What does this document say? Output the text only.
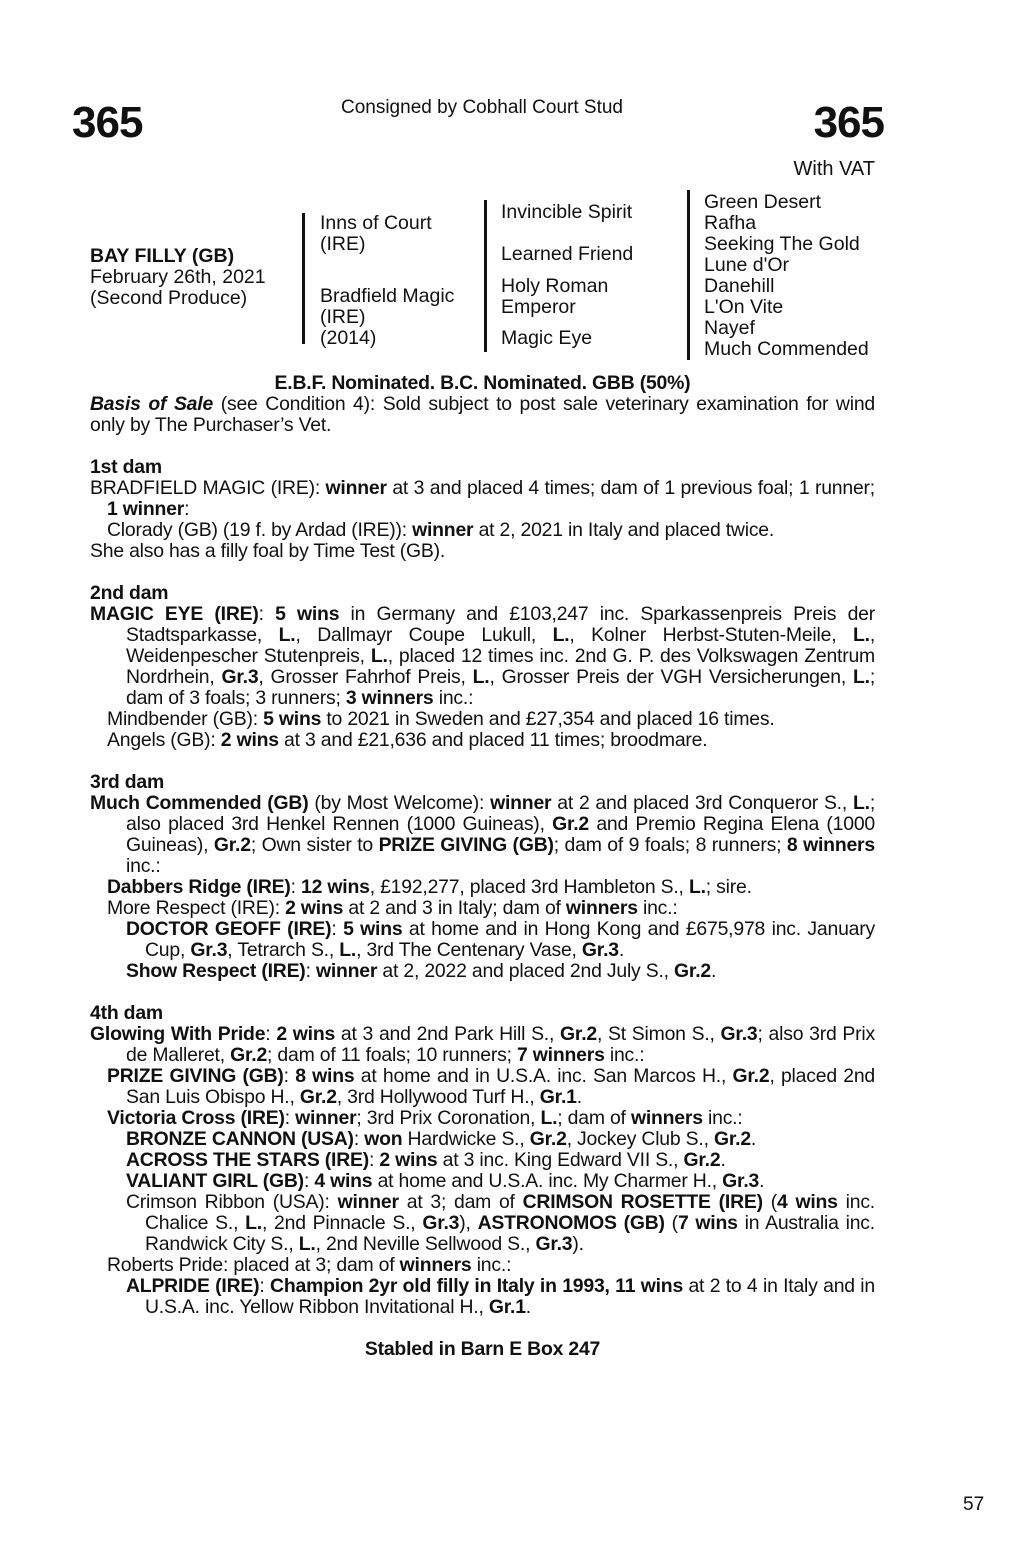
365	Consigned by Cobhall Court Stud	365
With VAT
BAY FILLY (GB)
February 26th, 2021
(Second Produce)
Inns of Court
(IRE)
Bradfield Magic
(IRE)
(2014)
Invincible Spirit
Learned Friend
Holy Roman
Emperor
Magic Eye
Green Desert
Rafha
Seeking The Gold
Lune d'Or
Danehill
L'On Vite
Nayef
Much Commended

E.B.F. Nominated. B.C. Nominated. GBB (50%)

Basis of Sale (see Condition 4): Sold subject to post sale veterinary examination for wind only by The Purchaser’s Vet.

1st dam

BRADFIELD MAGIC (IRE): winner at 3 and placed 4 times; dam of 1 previous foal; 1 runner; 1 winner:

Clorady (GB) (19 f. by Ardad (IRE)): winner at 2, 2021 in Italy and placed twice.

She also has a filly foal by Time Test (GB).

2nd dam

MAGIC EYE (IRE): 5 wins in Germany and £103,247 inc. Sparkassenpreis Preis der Stadtsparkasse, L., Dallmayr Coupe Lukull, L., Kolner Herbst-Stuten-Meile, L., Weidenpescher Stutenpreis, L., placed 12 times inc. 2nd G. P. des Volkswagen Zentrum Nordrhein, Gr.3, Grosser Fahrhof Preis, L., Grosser Preis der VGH Versicherungen, L.; dam of 3 foals; 3 runners; 3 winners inc.:

Mindbender (GB): 5 wins to 2021 in Sweden and £27,354 and placed 16 times.

Angels (GB): 2 wins at 3 and £21,636 and placed 11 times; broodmare.

3rd dam

Much Commended (GB) (by Most Welcome): winner at 2 and placed 3rd Conqueror S., L.; also placed 3rd Henkel Rennen (1000 Guineas), Gr.2 and Premio Regina Elena (1000 Guineas), Gr.2; Own sister to PRIZE GIVING (GB); dam of 9 foals; 8 runners; 8 winners inc.:

Dabbers Ridge (IRE): 12 wins, £192,277, placed 3rd Hambleton S., L.; sire.

More Respect (IRE): 2 wins at 2 and 3 in Italy; dam of winners inc.:

DOCTOR GEOFF (IRE): 5 wins at home and in Hong Kong and £675,978 inc. January Cup, Gr.3, Tetrarch S., L., 3rd The Centenary Vase, Gr.3.

Show Respect (IRE): winner at 2, 2022 and placed 2nd July S., Gr.2.

4th dam

Glowing With Pride: 2 wins at 3 and 2nd Park Hill S., Gr.2, St Simon S., Gr.3; also 3rd Prix de Malleret, Gr.2; dam of 11 foals; 10 runners; 7 winners inc.:

PRIZE GIVING (GB): 8 wins at home and in U.S.A. inc. San Marcos H., Gr.2, placed 2nd San Luis Obispo H., Gr.2, 3rd Hollywood Turf H., Gr.1.

Victoria Cross (IRE): winner; 3rd Prix Coronation, L.; dam of winners inc.:

BRONZE CANNON (USA): won Hardwicke S., Gr.2, Jockey Club S., Gr.2.

ACROSS THE STARS (IRE): 2 wins at 3 inc. King Edward VII S., Gr.2.

VALIANT GIRL (GB): 4 wins at home and U.S.A. inc. My Charmer H., Gr.3.

Crimson Ribbon (USA): winner at 3; dam of CRIMSON ROSETTE (IRE) (4 wins inc. Chalice S., L., 2nd Pinnacle S., Gr.3), ASTRONOMOS (GB) (7 wins in Australia inc. Randwick City S., L., 2nd Neville Sellwood S., Gr.3).

Roberts Pride: placed at 3; dam of winners inc.:

ALPRIDE (IRE): Champion 2yr old filly in Italy in 1993, 11 wins at 2 to 4 in Italy and in U.S.A. inc. Yellow Ribbon Invitational H., Gr.1.

Stabled in Barn E Box 247

57
